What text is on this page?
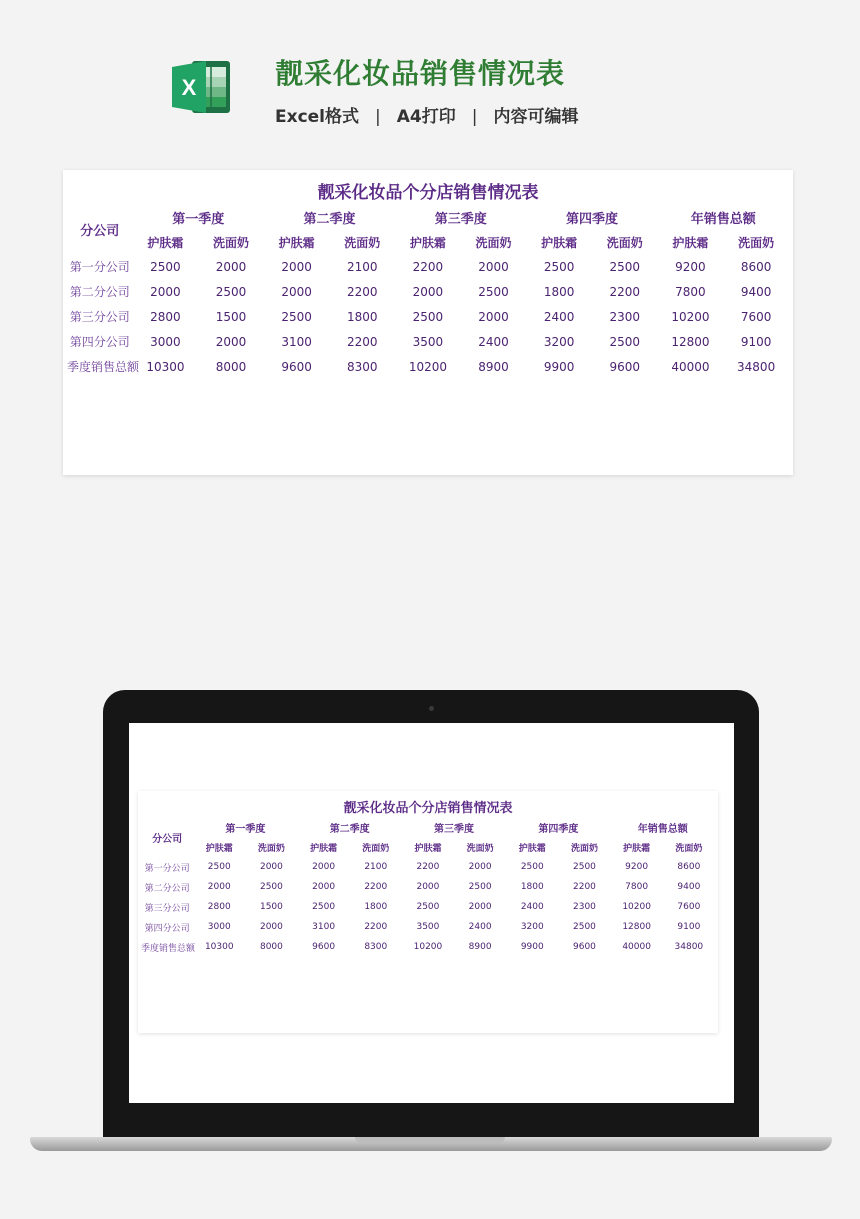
X	靓采化妆品销售情况表
Excel格式 | A4打印 | 内容可编辑
靓采化妆品个分店销售情况表
分公司	第一季度		第二季度		第三季度		第四季度		年销售总额	
	护肤霜	洗面奶	护肤霜	洗面奶	护肤霜	洗面奶	护肤霜	洗面奶	护肤霜	洗面奶
第一分公司	2500	2000	2000	2100	2200	2000	2500	2500	9200	8600
第二分公司	2000	2500	2000	2200	2000	2500	1800	2200	7800	9400
第三分公司	2800	1500	2500	1800	2500	2000	2400	2300	10200	7600
第四分公司	3000	2000	3100	2200	3500	2400	3200	2500	12800	9100
季度销售总额	10300	8000	9600	8300	10200	8900	9900	9600	40000	34800
靓采化妆品个分店销售情况表
分公司	第一季度		第二季度		第三季度		第四季度		年销售总额	
	护肤霜	洗面奶	护肤霜	洗面奶	护肤霜	洗面奶	护肤霜	洗面奶	护肤霜	洗面奶
第一分公司	2500	2000	2000	2100	2200	2000	2500	2500	9200	8600
第二分公司	2000	2500	2000	2200	2000	2500	1800	2200	7800	9400
第三分公司	2800	1500	2500	1800	2500	2000	2400	2300	10200	7600
第四分公司	3000	2000	3100	2200	3500	2400	3200	2500	12800	9100
季度销售总额	10300	8000	9600	8300	10200	8900	9900	9600	40000	34800
